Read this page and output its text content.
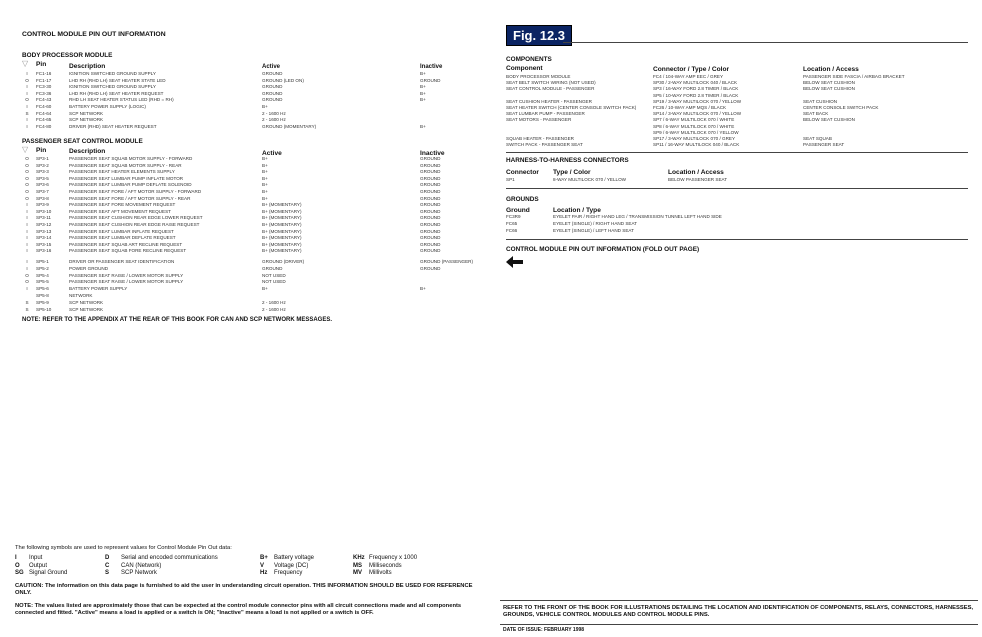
CONTROL MODULE PIN OUT INFORMATION
BODY PROCESSOR MODULE
▽ Pin	Description	Active	Inactive
I	FC1-16	IGNITION SWITCHED GROUND SUPPLY	GROUND	B+
O	FC1-17	LHD RH (RHD LH) SEAT HEATER STATE LED	GROUND (LED ON)	GROUND
I	FC3-30	IGNITION SWITCHED GROUND SUPPLY	GROUND	B+
I	FC3-36	LHD RH (RHD LH) SEAT HEATER REQUEST	GROUND	B+
O	FC4-43	RHD LH SEAT HEATER STATUS LED (RHD = RH)	GROUND	B+
I	FC4-60	BATTERY POWER SUPPLY (LOGIC)	B+
S	FC4-64	SCP NETWORK	2 - 1600 Hz
I	FC4-65	SCP NETWORK	2 - 1600 Hz
I	FC4-80	DRIVER (RHD) SEAT HEATER REQUEST	GROUND (MOMENTARY)	B+
PASSENGER SEAT CONTROL MODULE
▽ Pin	Description	Active	Inactive
O	SP3-1	PASSENGER SEAT SQUAB MOTOR SUPPLY - FORWARD	B+	GROUND
O	SP3-2	PASSENGER SEAT SQUAB MOTOR SUPPLY - REAR	B+	GROUND
O	SP3-3	PASSENGER SEAT HEATER ELEMENTS SUPPLY	B+	GROUND
O	SP3-5	PASSENGER SEAT LUMBAR PUMP INFLATE MOTOR	B+	GROUND
O	SP3-6	PASSENGER SEAT LUMBAR PUMP DEFLATE SOLENOID	B+	GROUND
O	SP3-7	PASSENGER SEAT FORE / AFT MOTOR SUPPLY - FORWARD	B+	GROUND
O	SP3-8	PASSENGER SEAT FORE / AFT MOTOR SUPPLY - REAR	B+	GROUND
I	SP3-9	PASSENGER SEAT FORE MOVEMENT REQUEST	B+ (MOMENTARY)	GROUND
I	SP3-10	PASSENGER SEAT AFT MOVEMENT REQUEST	B+ (MOMENTARY)	GROUND
I	SP3-11	PASSENGER SEAT CUSHION REAR EDGE LOWER REQUEST	B+ (MOMENTARY)	GROUND
I	SP3-12	PASSENGER SEAT CUSHION REAR EDGE RAISE REQUEST	B+ (MOMENTARY)	GROUND
I	SP3-13	PASSENGER SEAT LUMBAR INFLATE REQUEST	B+ (MOMENTARY)	GROUND
I	SP3-14	PASSENGER SEAT LUMBAR DEFLATE REQUEST	B+ (MOMENTARY)	GROUND
I	SP3-15	PASSENGER SEAT SQUAB ART RECLINE REQUEST	B+ (MOMENTARY)	GROUND
I	SP3-16	PASSENGER SEAT SQUAB FORE RECLINE REQUEST	B+ (MOMENTARY)	GROUND
I	SP5-1	DRIVER OR PASSENGER SEAT IDENTIFICATION	GROUND (DRIVER)	GROUND (PASSENGER)
I	SP5-2	POWER GROUND	GROUND	GROUND
O	SP5-4	PASSENGER SEAT RAISE / LOWER MOTOR SUPPLY	NOT USED
O	SP5-5	PASSENGER SEAT RAISE / LOWER MOTOR SUPPLY	NOT USED
I	SP5-6	BATTERY POWER SUPPLY	B+	B+
SP5-8	NETWORK
S	SP5-9	SCP NETWORK	2 - 1600 Hz
S	SP5-10	SCP NETWORK	2 - 1600 Hz
NOTE: REFER TO THE APPENDIX AT THE REAR OF THIS BOOK FOR CAN AND SCP NETWORK MESSAGES.
The following symbols are used to represent values for Control Module Pin Out data:
I Input
O Output
SG Signal Ground
D Serial and encoded communications
C CAN (Network)
S SCP Network
B+ Battery voltage
V Voltage (DC)
Hz Frequency
KHz Frequency x 1000
MS Milliseconds
MV Millivolts
CAUTION: The information on this data page is furnished to aid the user in understanding circuit operation. THIS INFORMATION SHOULD BE USED FOR REFERENCE ONLY.
NOTE: The values listed are approximately those that can be expected at the control module connector pins with all circuit connections made and all components connected and fitted. "Active" means a load is applied or a switch is ON; "Inactive" means a load is not applied or a switch is OFF.
Fig. 12.3
COMPONENTS
Component	Connector / Type / Color	Location / Access
BODY PROCESSOR MODULE	FC4 / 104-WAY AMP EEC / GREY	PASSENGER SIDE FASCIA / AIRBAG BRACKET
SEAT BELT SWITCH WIRING (NOT USED)	SP30 / 2-WAY MULTILOCK 040 / BLACK	BELOW SEAT CUSHION
SEAT CONTROL MODULE - PASSENGER	SP3 / 16-WAY FORD 2.8 TIMER / BLACK	BELOW SEAT CUSHION
SP5 / 10-WAY FORD 2.8 TIMER / BLACK
SEAT CUSHION HEATER - PASSENGER	SP19 / 3-WAY MULTILOCK 070 / YELLOW	SEAT CUSHION
SEAT HEATER SWITCH (CENTER CONSOLE SWITCH PACK)	FC26 / 10-WAY AMP MQS / BLACK	CENTER CONSOLE SWITCH PACK
SEAT LUMBAR PUMP - PASSENGER	SP14 / 3-WAY MULTILOCK 070 / YELLOW	SEAT BACK
SEAT MOTORS - PASSENGER	SP7 / 6-WAY MULTILOCK 070 / WHITE	BELOW SEAT CUSHION
SP8 / 6-WAY MULTILOCK 070 / WHITE
SP9 / 6-WAY MULTILOCK 070 / YELLOW
SQUAB HEATER - PASSENGER	SP17 / 3-WAY MULTILOCK 070 / GREY	SEAT SQUAB
SWITCH PACK - PASSENGER SEAT	SP11 / 16-WAY MULTILOCK 040 / BLACK	PASSENGER SEAT
HARNESS-TO-HARNESS CONNECTORS
Connector Type / Color	Location / Access
SP1	8-WAY MULTILOCK 070 / YELLOW	BELOW PASSENGER SEAT
GROUNDS
Ground	Location / Type
FC3R9	EYELET PAIR / RIGHT HAND LEG / TRANSMISSION TUNNEL LEFT HAND SIDE
FC65	EYELET (SINGLE) / RIGHT HAND SEAT
FC66	EYELET (SINGLE) / LEFT HAND SEAT
CONTROL MODULE PIN OUT INFORMATION (FOLD OUT PAGE)
REFER TO THE FRONT OF THE BOOK FOR ILLUSTRATIONS DETAILING THE LOCATION AND IDENTIFICATION OF COMPONENTS, RELAYS, CONNECTORS, HARNESSES, GROUNDS, VEHICLE CONTROL MODULES AND CONTROL MODULE PINS.
DATE OF ISSUE: FEBRUARY 1998
